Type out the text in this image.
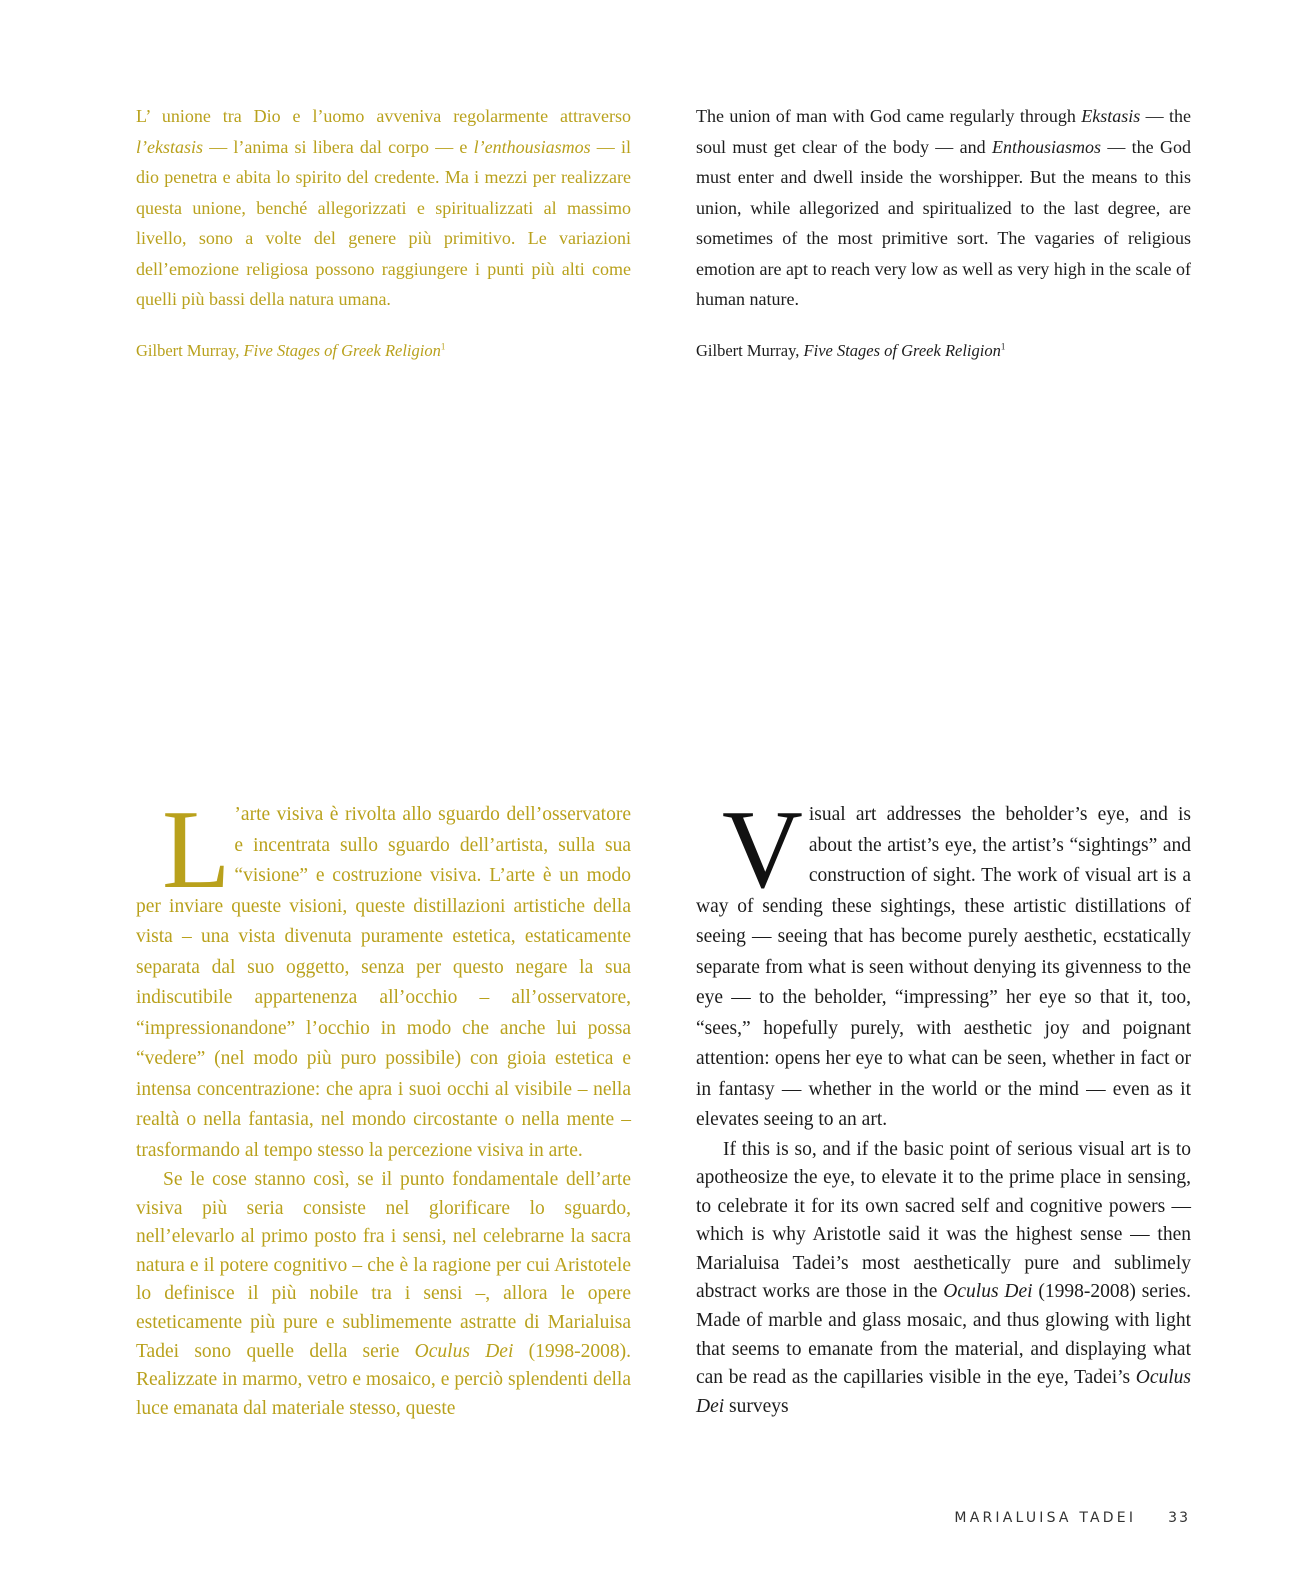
L’ unione tra Dio e l’uomo avveniva regolarmente attraverso l’ekstasis — l’anima si libera dal corpo — e l’enthousiasmos — il dio penetra e abita lo spirito del credente. Ma i mezzi per realizzare questa unione, benché allegorizzati e spiritualizzati al massimo livello, sono a volte del genere più primitivo. Le variazioni dell’emozione religiosa possono raggiungere i punti più alti come quelli più bassi della natura umana.

Gilbert Murray, Five Stages of Greek Religion$^1$

The union of man with God came regularly through Ekstasis — the soul must get clear of the body — and Enthousiasmos — the God must enter and dwell inside the worshipper. But the means to this union, while allegorized and spiritualized to the last degree, are sometimes of the most primitive sort. The vagaries of religious emotion are apt to reach very low as well as very high in the scale of human nature.

Gilbert Murray, Five Stages of Greek Religion$^1$

L ’arte visiva è rivolta allo sguardo dell’osservatore e incentrata sullo sguardo dell’artista, sulla sua “visione” e costruzione visiva. L’arte è un modo per inviare queste visioni, queste distillazioni artistiche della vista – una vista divenuta puramente estetica, estaticamente separata dal suo oggetto, senza per questo negare la sua indiscutibile appartenenza all’occhio – all’osservatore, “impressionandone” l’occhio in modo che anche lui possa “vedere” (nel modo più puro possibile) con gioia estetica e intensa concentrazione: che apra i suoi occhi al visibile – nella realtà o nella fantasia, nel mondo circostante o nella mente – trasformando al tempo stesso la percezione visiva in arte.

Se le cose stanno così, se il punto fondamentale dell’arte visiva più seria consiste nel glorificare lo sguardo, nell’elevarlo al primo posto fra i sensi, nel celebrarne la sacra natura e il potere cognitivo – che è la ragione per cui Aristotele lo definisce il più nobile tra i sensi –, allora le opere esteticamente più pure e sublimemente astratte di Marialuisa Tadei sono quelle della serie Oculus Dei (1998-2008). Realizzate in marmo, vetro e mosaico, e perciò splendenti della luce emanata dal materiale stesso, queste

Visual art addresses the beholder’s eye, and is about the artist’s eye, the artist’s “sightings” and construction of sight. The work of visual art is a way of sending these sightings, these artistic distillations of seeing — seeing that has become purely aesthetic, ecstatically separate from what is seen without denying its givenness to the eye — to the beholder, “impressing” her eye so that it, too, “sees,” hopefully purely, with aesthetic joy and poignant attention: opens her eye to what can be seen, whether in fact or in fantasy — whether in the world or the mind — even as it elevates seeing to an art.

If this is so, and if the basic point of serious visual art is to apotheosize the eye, to elevate it to the prime place in sensing, to celebrate it for its own sacred self and cognitive powers — which is why Aristotle said it was the highest sense — then Marialuisa Tadei’s most aesthetically pure and sublimely abstract works are those in the Oculus Dei (1998-2008) series. Made of marble and glass mosaic, and thus glowing with light that seems to emanate from the material, and displaying what can be read as the capillaries visible in the eye, Tadei’s Oculus Dei surveys

MARIALUISA TADEI 33
